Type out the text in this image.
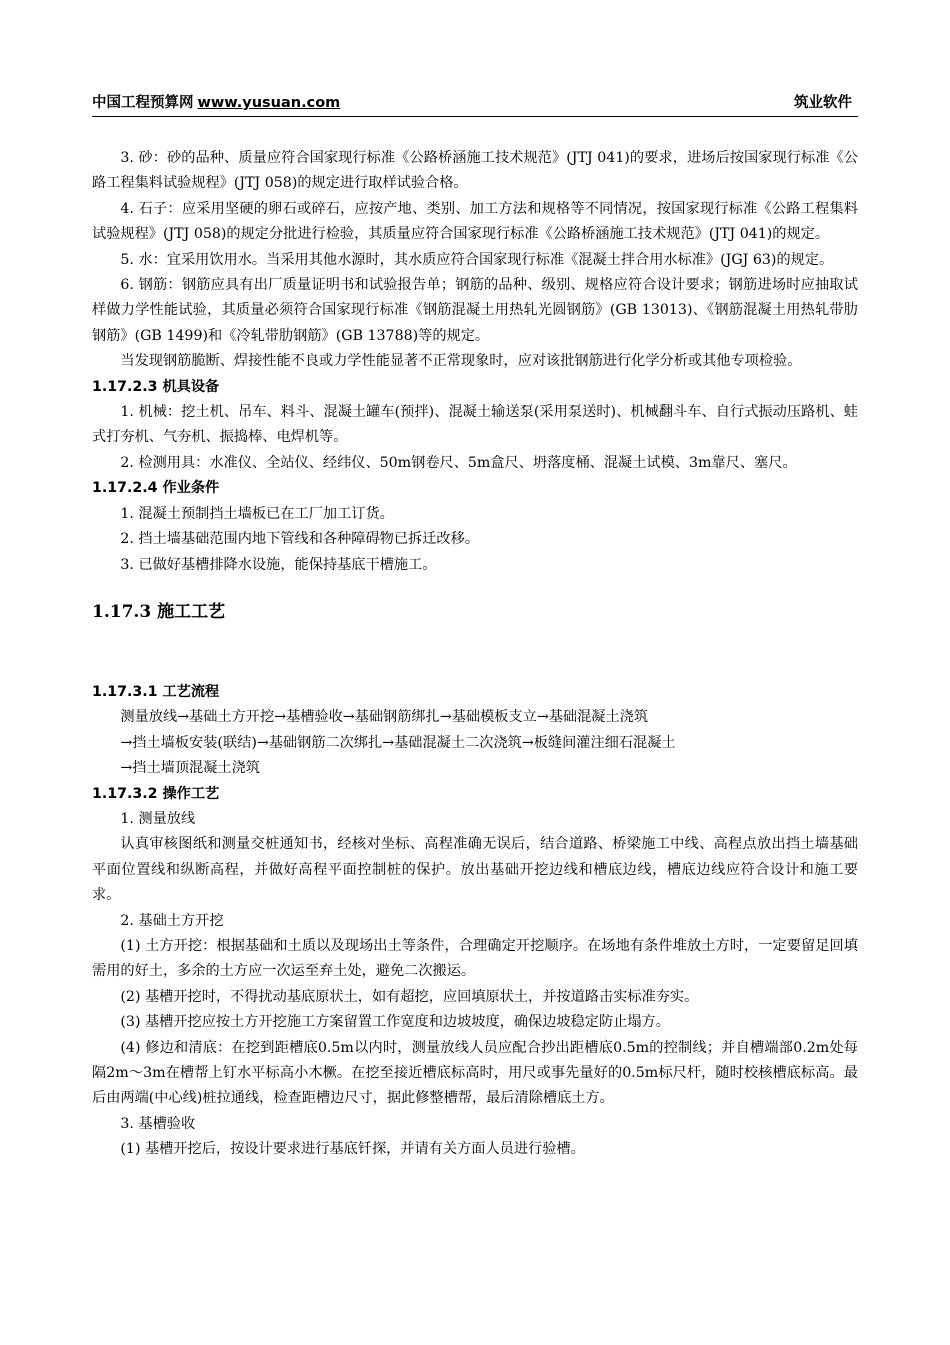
中国工程预算网 www.yusuan.com	筑业软件

3. 砂：砂的品种、质量应符合国家现行标准《公路桥涵施工技术规范》(JTJ 041)的要求，进场后按国家现行标准《公路工程集料试验规程》(JTJ 058)的规定进行取样试验合格。

4. 石子：应采用坚硬的卵石或碎石，应按产地、类别、加工方法和规格等不同情况，按国家现行标准《公路工程集料试验规程》(JTJ 058)的规定分批进行检验，其质量应符合国家现行标准《公路桥涵施工技术规范》(JTJ 041)的规定。

5. 水：宜采用饮用水。当采用其他水源时，其水质应符合国家现行标准《混凝土拌合用水标准》(JGJ 63)的规定。

6. 钢筋：钢筋应具有出厂质量证明书和试验报告单；钢筋的品种、级别、规格应符合设计要求；钢筋进场时应抽取试样做力学性能试验，其质量必须符合国家现行标准《钢筋混凝土用热轧光圆钢筋》(GB 13013)、《钢筋混凝土用热轧带肋钢筋》(GB 1499)和《冷轧带肋钢筋》(GB 13788)等的规定。

当发现钢筋脆断、焊接性能不良或力学性能显著不正常现象时，应对该批钢筋进行化学分析或其他专项检验。

1.17.2.3 机具设备

1. 机械：挖土机、吊车、料斗、混凝土罐车(预拌)、混凝土输送泵(采用泵送时)、机械翻斗车、自行式振动压路机、蛙式打夯机、气夯机、振捣棒、电焊机等。

2. 检测用具：水准仪、全站仪、经纬仪、50m钢卷尺、5m盒尺、坍落度桶、混凝土试模、3m靠尺、塞尺。

1.17.2.4 作业条件

1. 混凝土预制挡土墙板已在工厂加工订货。

2. 挡土墙基础范围内地下管线和各种障碍物已拆迁改移。

3. 已做好基槽排降水设施，能保持基底干槽施工。

1.17.3 施工工艺
1.17.3.1 工艺流程

测量放线→基础土方开挖→基槽验收→基础钢筋绑扎→基础模板支立→基础混凝土浇筑

→挡土墙板安装(联结)→基础钢筋二次绑扎→基础混凝土二次浇筑→板缝间灌注细石混凝土

→挡土墙顶混凝土浇筑

1.17.3.2 操作工艺

1. 测量放线

认真审核图纸和测量交桩通知书，经核对坐标、高程准确无误后，结合道路、桥梁施工中线、高程点放出挡土墙基础平面位置线和纵断高程，并做好高程平面控制桩的保护。放出基础开挖边线和槽底边线，槽底边线应符合设计和施工要求。

2. 基础土方开挖

(1) 土方开挖：根据基础和土质以及现场出土等条件，合理确定开挖顺序。在场地有条件堆放土方时，一定要留足回填需用的好土，多余的土方应一次运至弃土处，避免二次搬运。

(2) 基槽开挖时，不得扰动基底原状土，如有超挖，应回填原状土，并按道路击实标准夯实。

(3) 基槽开挖应按土方开挖施工方案留置工作宽度和边坡坡度，确保边坡稳定防止塌方。

(4) 修边和清底：在挖到距槽底0.5m以内时，测量放线人员应配合抄出距槽底0.5m的控制线；并自槽端部0.2m处每隔2m～3m在槽帮上钉水平标高小木橛。在挖至接近槽底标高时，用尺或事先量好的0.5m标尺杆，随时校核槽底标高。最后由两端(中心线)桩拉通线，检查距槽边尺寸，据此修整槽帮，最后清除槽底土方。

3. 基槽验收

(1) 基槽开挖后，按设计要求进行基底钎探，并请有关方面人员进行验槽。
